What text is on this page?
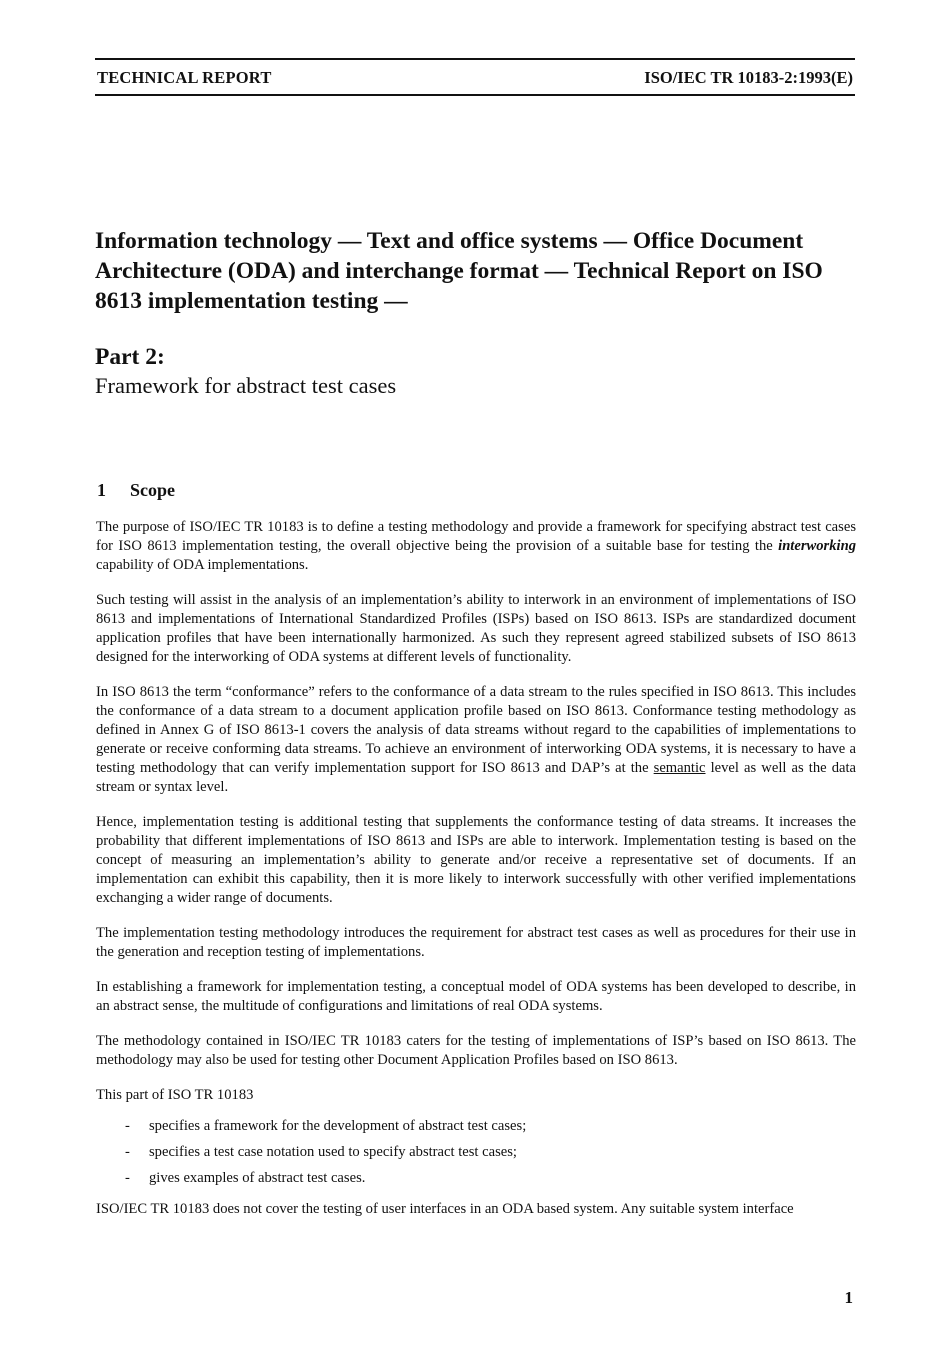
TECHNICAL REPORT	ISO/IEC TR 10183-2:1993(E)
Information technology — Text and office systems — Office Document Architecture (ODA) and interchange format — Technical Report on ISO 8613 implementation testing —
Part 2:
Framework for abstract test cases
1 Scope

The purpose of ISO/IEC TR 10183 is to define a testing methodology and provide a framework for specifying abstract test cases for ISO 8613 implementation testing, the overall objective being the provision of a suitable base for testing the interworking capability of ODA implementations.

Such testing will assist in the analysis of an implementation’s ability to interwork in an environment of implementations of ISO 8613 and implementations of International Standardized Profiles (ISPs) based on ISO 8613. ISPs are standardized document application profiles that have been internationally harmonized. As such they represent agreed stabilized subsets of ISO 8613 designed for the interworking of ODA systems at different levels of functionality.

In ISO 8613 the term “conformance” refers to the conformance of a data stream to the rules specified in ISO 8613. This includes the conformance of a data stream to a document application profile based on ISO 8613. Conformance testing methodology as defined in Annex G of ISO 8613-1 covers the analysis of data streams without regard to the capabilities of implementations to generate or receive conforming data streams. To achieve an environment of interworking ODA systems, it is necessary to have a testing methodology that can verify implementation support for ISO 8613 and DAP’s at the semantic level as well as the data stream or syntax level.

Hence, implementation testing is additional testing that supplements the conformance testing of data streams. It increases the probability that different implementations of ISO 8613 and ISPs are able to interwork. Implementation testing is based on the concept of measuring an implementation’s ability to generate and/or receive a representative set of documents. If an implementation can exhibit this capability, then it is more likely to interwork successfully with other verified implementations exchanging a wider range of documents.

The implementation testing methodology introduces the requirement for abstract test cases as well as procedures for their use in the generation and reception testing of implementations.

In establishing a framework for implementation testing, a conceptual model of ODA systems has been developed to describe, in an abstract sense, the multitude of configurations and limitations of real ODA systems.

The methodology contained in ISO/IEC TR 10183 caters for the testing of implementations of ISP’s based on ISO 8613. The methodology may also be used for testing other Document Application Profiles based on ISO 8613.

This part of ISO TR 10183

- specifies a framework for the development of abstract test cases;
- specifies a test case notation used to specify abstract test cases;
- gives examples of abstract test cases.

ISO/IEC TR 10183 does not cover the testing of user interfaces in an ODA based system. Any suitable system interface

1
